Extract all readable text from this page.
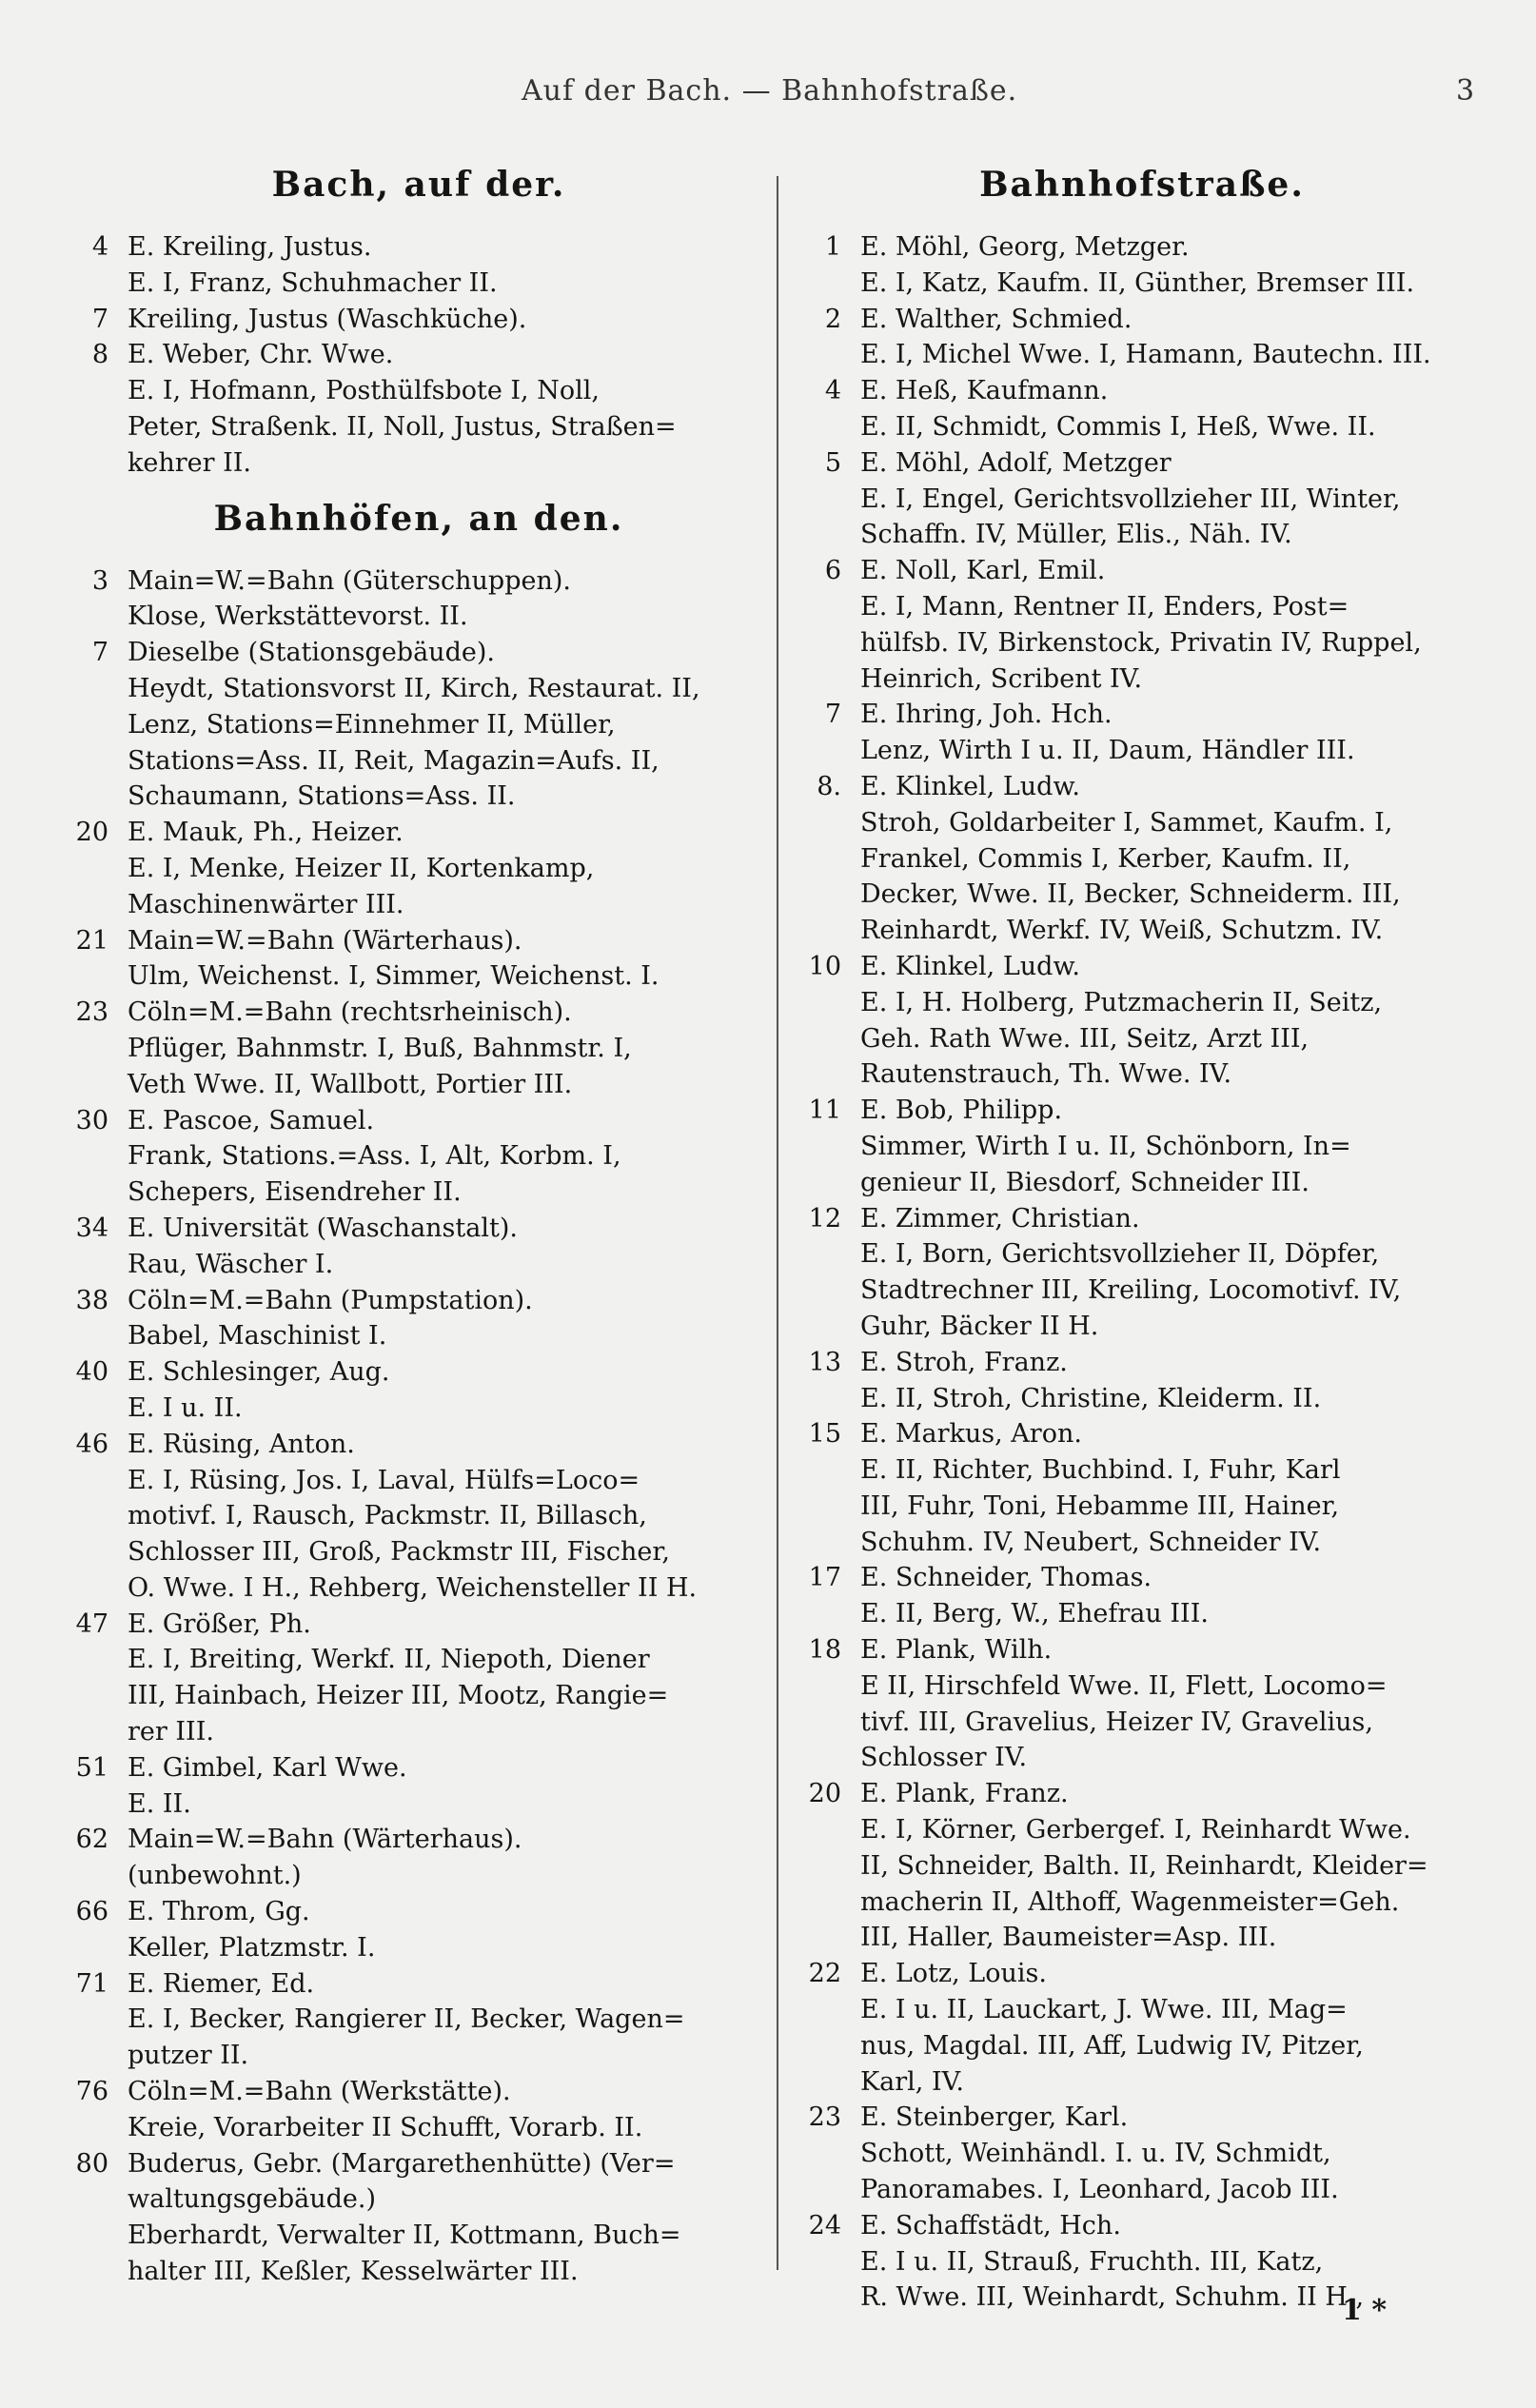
Auf der Bach. — Bahnhofstraße.	3
Bach, auf der.
4 E. Kreiling, Justus.
E. I, Franz, Schuhmacher II.
7 Kreiling, Justus (Waschküche).
8 E. Weber, Chr. Wwe.
E. I, Hofmann, Posthülfsbote I, Noll,
Peter, Straßenk. II, Noll, Justus, Straßen=
kehrer II.
Bahnhöfen, an den.
3 Main=W.=Bahn (Güterschuppen).
Klose, Werkstättevorst. II.
7 Dieselbe (Stationsgebäude).
Heydt, Stationsvorst II, Kirch, Restaurat. II,
Lenz, Stations=Einnehmer II, Müller,
Stations=Ass. II, Reit, Magazin=Aufs. II,
Schaumann, Stations=Ass. II.
20 E. Mauk, Ph., Heizer.
E. I, Menke, Heizer II, Kortenkamp,
Maschinenwärter III.
21 Main=W.=Bahn (Wärterhaus).
Ulm, Weichenst. I, Simmer, Weichenst. I.
23 Cöln=M.=Bahn (rechtsrheinisch).
Pflüger, Bahnmstr. I, Buß, Bahnmstr. I,
Veth Wwe. II, Wallbott, Portier III.
30 E. Pascoe, Samuel.
Frank, Stations.=Ass. I, Alt, Korbm. I,
Schepers, Eisendreher II.
34 E. Universität (Waschanstalt).
Rau, Wäscher I.
38 Cöln=M.=Bahn (Pumpstation).
Babel, Maschinist I.
40 E. Schlesinger, Aug.
E. I u. II.
46 E. Rüsing, Anton.
E. I, Rüsing, Jos. I, Laval, Hülfs=Loco=
motivf. I, Rausch, Packmstr. II, Billasch,
Schlosser III, Groß, Packmstr III, Fischer,
O. Wwe. I H., Rehberg, Weichensteller II H.
47 E. Größer, Ph.
E. I, Breiting, Werkf. II, Niepoth, Diener
III, Hainbach, Heizer III, Mootz, Rangie=
rer III.
51 E. Gimbel, Karl Wwe.
E. II.
62 Main=W.=Bahn (Wärterhaus).
(unbewohnt.)
66 E. Throm, Gg.
Keller, Platzmstr. I.
71 E. Riemer, Ed.
E. I, Becker, Rangierer II, Becker, Wagen=
putzer II.
76 Cöln=M.=Bahn (Werkstätte).
Kreie, Vorarbeiter II Schufft, Vorarb. II.
80 Buderus, Gebr. (Margarethenhütte) (Ver=
waltungsgebäude.)
Eberhardt, Verwalter II, Kottmann, Buch=
halter III, Keßler, Kesselwärter III.
Bahnhofstraße.
1 E. Möhl, Georg, Metzger.
E. I, Katz, Kaufm. II, Günther, Bremser III.
2 E. Walther, Schmied.
E. I, Michel Wwe. I, Hamann, Bautechn. III.
4 E. Heß, Kaufmann.
E. II, Schmidt, Commis I, Heß, Wwe. II.
5 E. Möhl, Adolf, Metzger
E. I, Engel, Gerichtsvollzieher III, Winter,
Schaffn. IV, Müller, Elis., Näh. IV.
6 E. Noll, Karl, Emil.
E. I, Mann, Rentner II, Enders, Post=
hülfsb. IV, Birkenstock, Privatin IV, Ruppel,
Heinrich, Scribent IV.
7 E. Ihring, Joh. Hch.
Lenz, Wirth I u. II, Daum, Händler III.
8. E. Klinkel, Ludw.
Stroh, Goldarbeiter I, Sammet, Kaufm. I,
Frankel, Commis I, Kerber, Kaufm. II,
Decker, Wwe. II, Becker, Schneiderm. III,
Reinhardt, Werkf. IV, Weiß, Schutzm. IV.
10 E. Klinkel, Ludw.
E. I, H. Holberg, Putzmacherin II, Seitz,
Geh. Rath Wwe. III, Seitz, Arzt III,
Rautenstrauch, Th. Wwe. IV.
11 E. Bob, Philipp.
Simmer, Wirth I u. II, Schönborn, In=
genieur II, Biesdorf, Schneider III.
12 E. Zimmer, Christian.
E. I, Born, Gerichtsvollzieher II, Döpfer,
Stadtrechner III, Kreiling, Locomotivf. IV,
Guhr, Bäcker II H.
13 E. Stroh, Franz.
E. II, Stroh, Christine, Kleiderm. II.
15 E. Markus, Aron.
E. II, Richter, Buchbind. I, Fuhr, Karl
III, Fuhr, Toni, Hebamme III, Hainer,
Schuhm. IV, Neubert, Schneider IV.
17 E. Schneider, Thomas.
E. II, Berg, W., Ehefrau III.
18 E. Plank, Wilh.
E II, Hirschfeld Wwe. II, Flett, Locomo=
tivf. III, Gravelius, Heizer IV, Gravelius,
Schlosser IV.
20 E. Plank, Franz.
E. I, Körner, Gerbergef. I, Reinhardt Wwe.
II, Schneider, Balth. II, Reinhardt, Kleider=
macherin II, Althoff, Wagenmeister=Geh.
III, Haller, Baumeister=Asp. III.
22 E. Lotz, Louis.
E. I u. II, Lauckart, J. Wwe. III, Mag=
nus, Magdal. III, Aff, Ludwig IV, Pitzer,
Karl, IV.
23 E. Steinberger, Karl.
Schott, Weinhändl. I. u. IV, Schmidt,
Panoramabes. I, Leonhard, Jacob III.
24 E. Schaffstädt, Hch.
E. I u. II, Strauß, Fruchth. III, Katz,
R. Wwe. III, Weinhardt, Schuhm. II H.,
1 *
